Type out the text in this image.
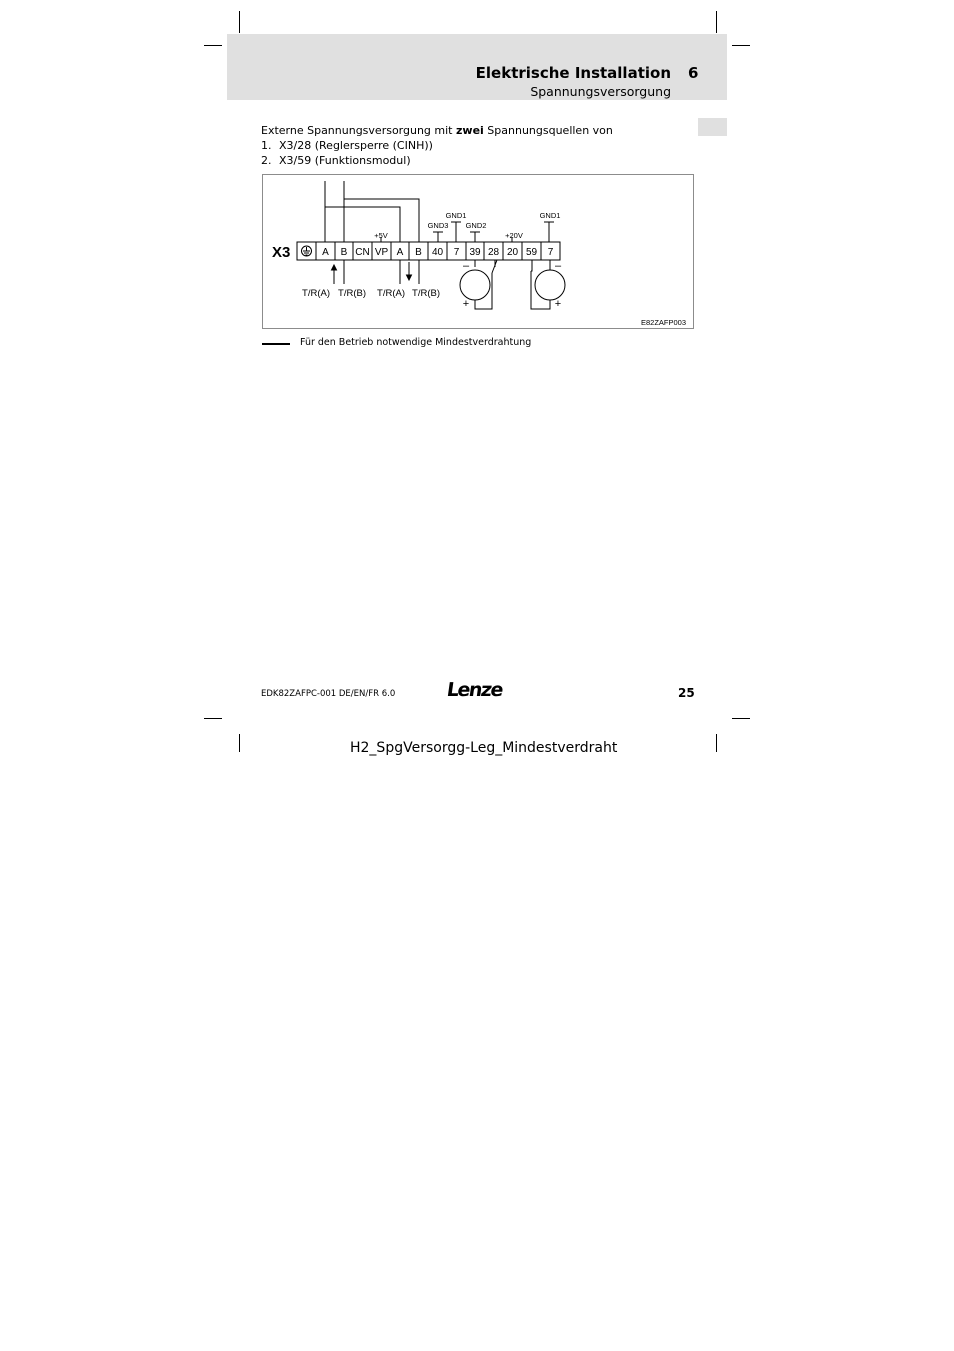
Elektrische Installation 6
Spannungsversorgung
Externe Spannungsversorgung mit zwei Spannungsquellen von
1. X3/28 (Reglersperre (CINH))
2. X3/59 (Funktionsmodul)
X3	A B CN VP A B 40 7 39 28 20 59 7
+5V
GND3
GND1
GND2
+20V
GND1
T/R(A) T/R(B) T/R(A) T/R(B)
–
+
–
+
E82ZAFP003
Für den Betrieb notwendige Mindestverdrahtung
EDK82ZAFPC-001 DE/EN/FR 6.0	Lenze	25
H2_SpgVersorgg-Leg_Mindestverdraht
